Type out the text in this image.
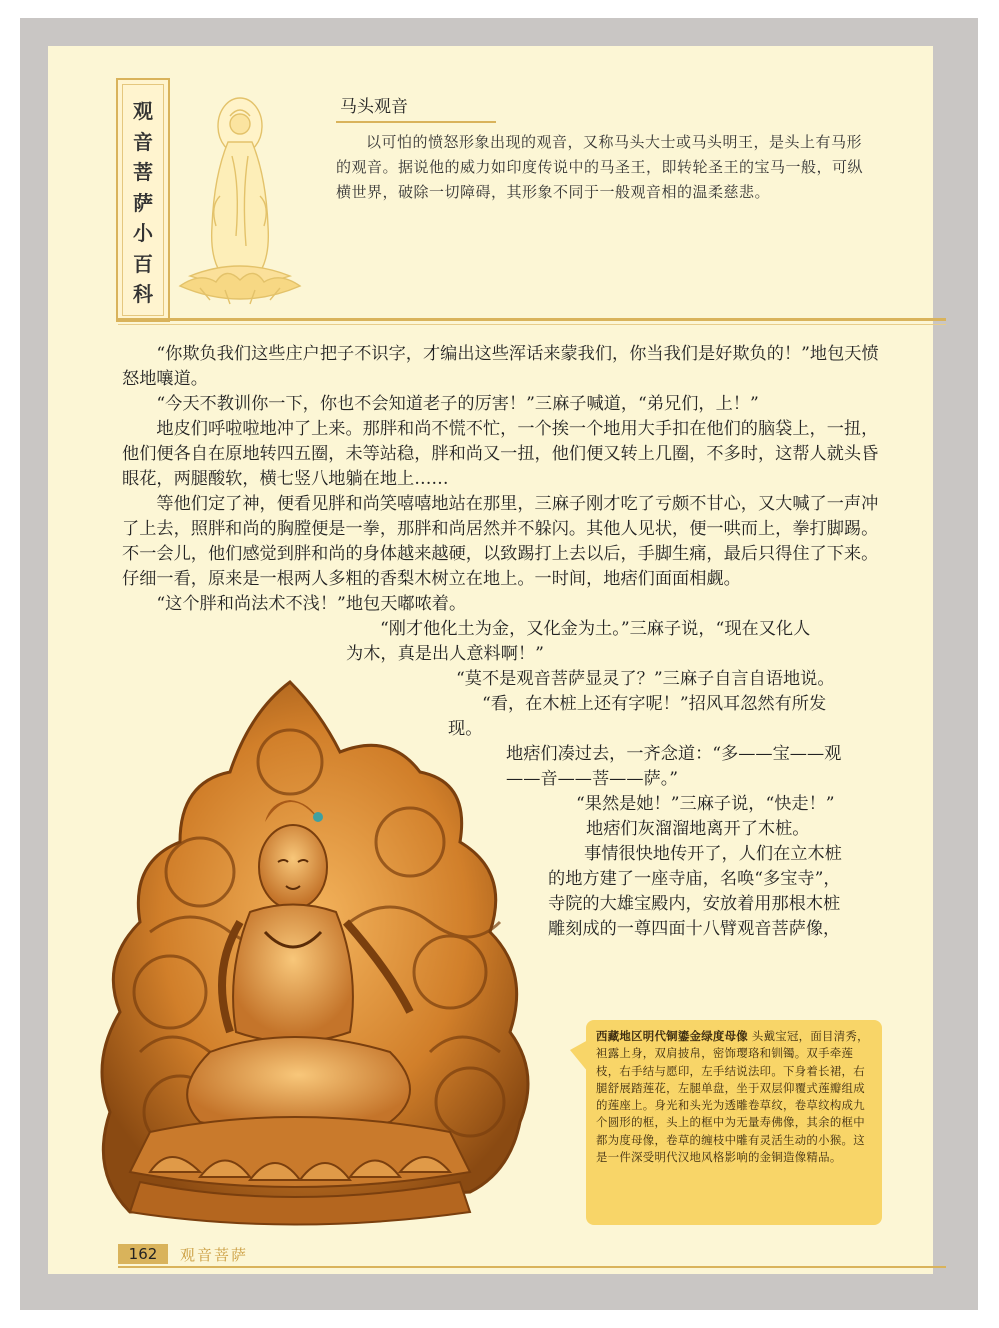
观
音
菩
萨
小
百
科
马头观音
以可怕的愤怒形象出现的观音，又称马头大士或马头明王，是头上有马形的观音。据说他的威力如印度传说中的马圣王，即转轮圣王的宝马一般，可纵横世界，破除一切障碍，其形象不同于一般观音相的温柔慈悲。

“你欺负我们这些庄户把子不识字，才编出这些浑话来蒙我们，你当我们是好欺负的！”地包天愤怒地嚷道。

“今天不教训你一下，你也不会知道老子的厉害！”三麻子喊道，“弟兄们，上！”

地皮们呼啦啦地冲了上来。那胖和尚不慌不忙，一个挨一个地用大手扣在他们的脑袋上，一扭，他们便各自在原地转四五圈，未等站稳，胖和尚又一扭，他们便又转上几圈，不多时，这帮人就头昏眼花，两腿酸软，横七竖八地躺在地上……

等他们定了神，便看见胖和尚笑嘻嘻地站在那里，三麻子刚才吃了亏颇不甘心，又大喊了一声冲了上去，照胖和尚的胸膛便是一拳，那胖和尚居然并不躲闪。其他人见状，便一哄而上，拳打脚踢。不一会儿，他们感觉到胖和尚的身体越来越硬，以致踢打上去以后，手脚生痛，最后只得住了下来。仔细一看，原来是一根两人多粗的香梨木树立在地上。一时间，地痞们面面相觑。

“这个胖和尚法术不浅！”地包天嘟哝着。

“刚才他化土为金，又化金为土。”三麻子说，“现在又化人

为木，真是出人意料啊！”

“莫不是观音菩萨显灵了？”三麻子自言自语地说。

“看，在木桩上还有字呢！”招风耳忽然有所发

现。

地痞们凑过去，一齐念道：“多——宝——观

——音——菩——萨。”

“果然是她！”三麻子说，“快走！”

地痞们灰溜溜地离开了木桩。

事情很快地传开了，人们在立木桩

的地方建了一座寺庙，名唤“多宝寺”，

寺院的大雄宝殿内，安放着用那根木桩

雕刻成的一尊四面十八臂观音菩萨像，

西藏地区明代铜鎏金绿度母像 头戴宝冠，面目清秀，袒露上身，双肩披帛，密饰璎珞和钏镯。双手牵莲枝，右手结与愿印，左手结说法印。下身着长裙，右腿舒展踏莲花，左腿单盘，坐于双层仰覆式莲瓣组成的莲座上。身光和头光为透雕卷草纹，卷草纹构成九个圆形的框，头上的框中为无量寿佛像，其余的框中都为度母像，卷草的缠枝中雕有灵活生动的小猴。这是一件深受明代汉地风格影响的金铜造像精品。
162	观音菩萨
